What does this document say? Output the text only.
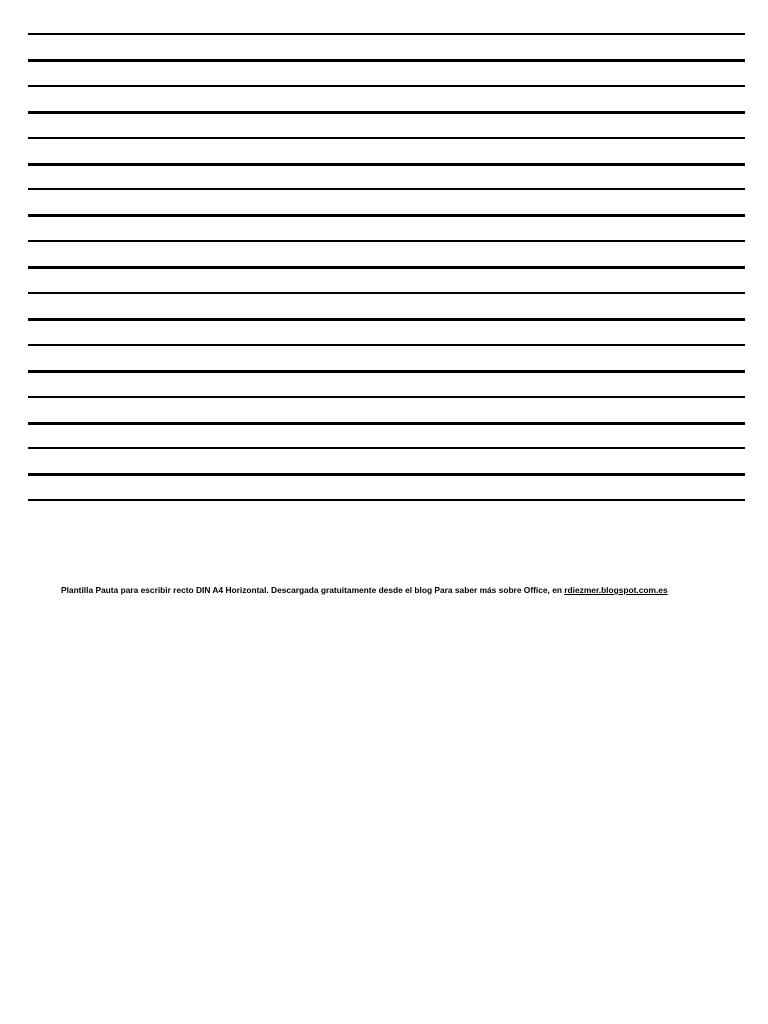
Plantilla Pauta para escribir recto DIN A4 Horizontal. Descargada gratuitamente desde el blog Para saber más sobre Office, en rdiezmer.blogspot.com.es
